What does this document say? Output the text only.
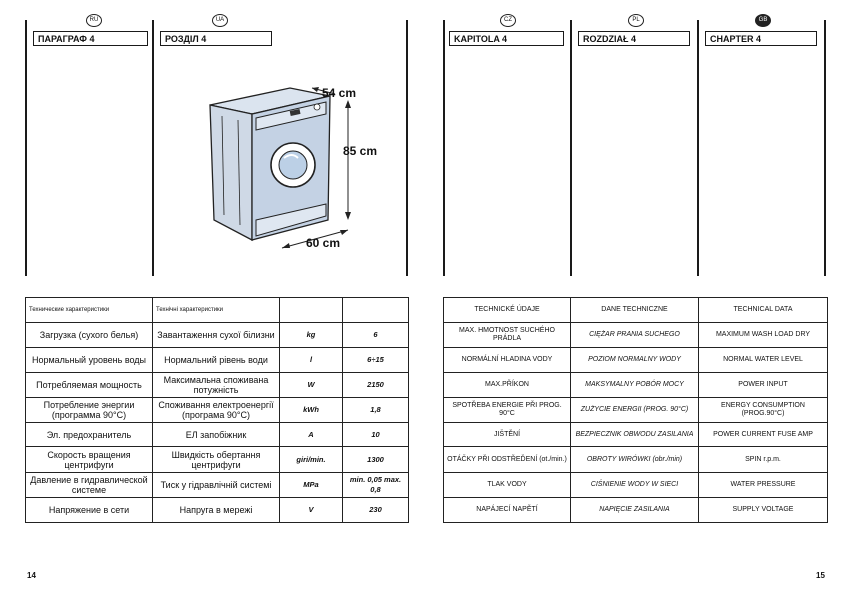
RU	UA
ПАРАГРАФ 4	РОЗДІЛ 4
54 cm
85 cm
60 cm
Технические характеристики	Технічні характеристики		
Загрузка (сухого белья)	Завантаження сухої білизни	kg	6
Нормальный уровень воды	Нормальний рівень води	l	6÷15
Потребляемая мощность	Максимальна споживана потужність	W	2150
Потребление энергии (программа 90°C)	Споживання електроенергії (програма 90°C)	kWh	1,8
Эл. предохранитель	ЕЛ запобіжник	A	10
Скорость вращения центрифуги	Швидкість обертання центрифуги	giri/min.	1300
Давление в гидравлической системе	Тиск у гідравлічній системі	MPa	min. 0,05 max. 0,8
Напряжение в сети	Напруга в мережі	V	230
14
CZ	PL	GB
KAPITOLA 4	ROZDZIAŁ 4	CHAPTER 4
TECHNICKÉ ÚDAJE	DANE TECHNICZNE	TECHNICAL DATA
MAX. HMOTNOST SUCHÉHO PRÁDLA	CIĘŻAR PRANIA SUCHEGO	MAXIMUM WASH LOAD DRY
NORMÁLNÍ HLADINA VODY	POZIOM NORMALNY WODY	NORMAL WATER LEVEL
MAX.PŘÍKON	MAKSYMALNY POBÓR MOCY	POWER INPUT
SPOTŘEBA ENERGIE PŘI PROG. 90°C	ZUŻYCIE ENERGII (PROG. 90°C)	ENERGY CONSUMPTION (PROG.90°C)
JIŠTĚNÍ	BEZPIECZNIK OBWODU ZASILANIA	POWER CURRENT FUSE AMP
OTÁČKY PŘI ODSTŘEĎENÍ (ot./min.)	OBROTY WIRÓWKI (obr./min)	SPIN r.p.m.
TLAK VODY	CIŚNIENIE WODY W SIECI	WATER PRESSURE
NAPÁJECÍ NAPĚTÍ	NAPIĘCIE ZASILANIA	SUPPLY VOLTAGE
15
